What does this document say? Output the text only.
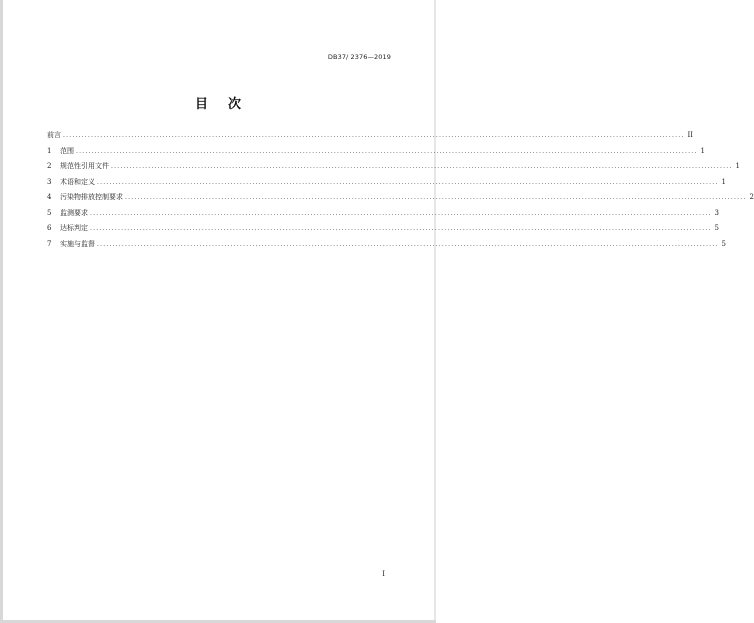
DB37/ 2376—2019
目次
前言 ........................................................................................................................................................................................................ II
1	范围 ........................................................................................................................................................................................................ 1
2	规范性引用文件 ........................................................................................................................................................................................................ 1
3	术语和定义 ........................................................................................................................................................................................................ 1
4	污染物排放控制要求 ........................................................................................................................................................................................................ 2
5	监测要求 ........................................................................................................................................................................................................ 3
6	达标判定 ........................................................................................................................................................................................................ 5
7	实施与监督 ........................................................................................................................................................................................................ 5
I
